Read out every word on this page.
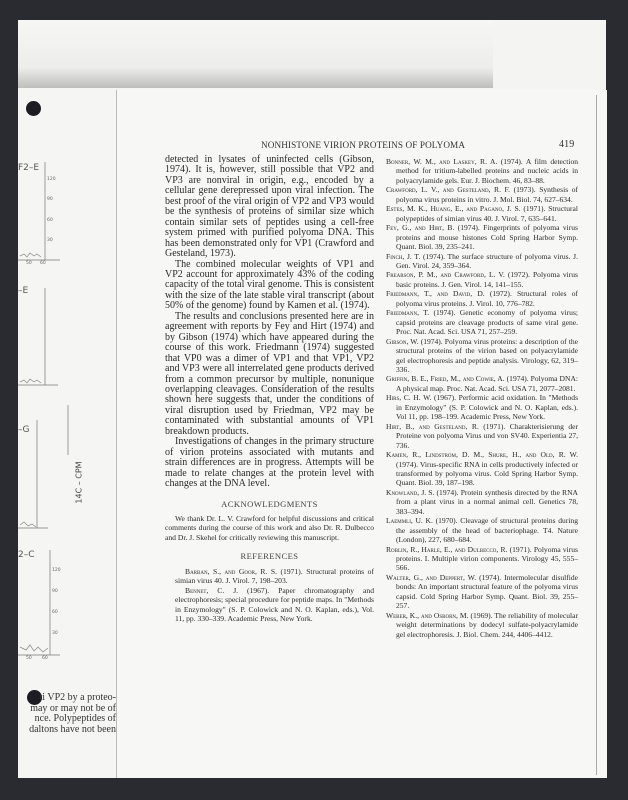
F2–E
–E
–G
2–C
120
90
60
30
50 60
120
90
60
30
50 60
14C – CPM
ti VP2 by a proteo-
may or may not be of
nce. Polypeptides of
daltons have not been
NONHISTONE VIRION PROTEINS OF POLYOMA	419

detected in lysates of uninfected cells (Gibson, 1974). It is, however, still possible that VP2 and VP3 are nonviral in origin, e.g., encoded by a cellular gene derepressed upon viral infection. The best proof of the viral origin of VP2 and VP3 would be the synthesis of proteins of similar size which contain similar sets of peptides using a cell-free system primed with purified polyoma DNA. This has been demonstrated only for VP1 (Crawford and Gesteland, 1973).

The combined molecular weights of VP1 and VP2 account for approximately 43% of the coding capacity of the total viral genome. This is consistent with the size of the late stable viral transcript (about 50% of the genome) found by Kamen et al. (1974).

The results and conclusions presented here are in agreement with reports by Fey and Hirt (1974) and by Gibson (1974) which have appeared during the course of this work. Friedmann (1974) suggested that VP0 was a dimer of VP1 and that VP1, VP2 and VP3 were all interrelated gene products derived from a common precursor by multiple, nonunique overlapping cleavages. Consideration of the results shown here suggests that, under the conditions of viral disruption used by Friedman, VP2 may be contaminated with substantial amounts of VP1 breakdown products.

Investigations of changes in the primary structure of virion proteins associated with mutants and strain differences are in progress. Attempts will be made to relate changes at the protein level with changes at the DNA level.

ACKNOWLEDGMENTS

We thank Dr. L. V. Crawford for helpful discussions and critical comments during the course of this work and also Dr. R. Dulbecco and Dr. J. Skehel for critically reviewing this manuscript.

REFERENCES

Barban, S., and Goor, R. S. (1971). Structural proteins of simian virus 40. J. Virol. 7, 198–203.

Bennet, C. J. (1967). Paper chromatography and electrophoresis; special procedure for peptide maps. In "Methods in Enzymology" (S. P. Colowick and N. O. Kaplan, eds.), Vol. 11, pp. 330–339. Academic Press, New York.

Bonner, W. M., and Laskey, R. A. (1974). A film detection method for tritium-labelled proteins and nucleic acids in polyacrylamide gels. Eur. J. Biochem. 46, 83–88.

Crawford, L. V., and Gesteland, R. F. (1973). Synthesis of polyoma virus proteins in vitro. J. Mol. Biol. 74, 627–634.

Estes, M. K., Huang, E., and Pagano, J. S. (1971). Structural polypeptides of simian virus 40. J. Virol. 7, 635–641.

Fey, G., and Hirt, B. (1974). Fingerprints of polyoma virus proteins and mouse histones Cold Spring Harbor Symp. Quant. Biol. 39, 235–241.

Finch, J. T. (1974). The surface structure of polyoma virus. J. Gen. Virol. 24, 359–364.

Frearson, P. M., and Crawford, L. V. (1972). Polyoma virus basic proteins. J. Gen. Virol. 14, 141–155.

Friedmann, T., and David, D. (1972). Structural roles of polyoma virus proteins. J. Virol. 10, 776–782.

Friedmann, T. (1974). Genetic economy of polyoma virus; capsid proteins are cleavage products of same viral gene. Proc. Nat. Acad. Sci. USA 71, 257–259.

Gibson, W. (1974). Polyoma virus proteins: a description of the structural proteins of the virion based on polyacrylamide gel electrophoresis and peptide analysis. Virology, 62, 319–336.

Griffin, B. E., Fried, M., and Cowie, A. (1974). Polyoma DNA: A physical map. Proc. Nat. Acad. Sci. USA 71, 2077–2081.

Hirs, C. H. W. (1967). Performic acid oxidation. In "Methods in Enzymology" (S. P. Colowick and N. O. Kaplan, eds.). Vol 11, pp. 198–199. Academic Press, New York.

Hirt, B., and Gesteland, R. (1971). Charakterisierung der Proteine von polyoma Virus und von SV40. Experientia 27, 736.

Kamen, R., Lindstrom, D. M., Shure, H., and Old, R. W. (1974). Virus-specific RNA in cells productively infected or transformed by polyoma virus. Cold Spring Harbor Symp. Quant. Biol. 39, 187–198.

Knowland, J. S. (1974). Protein synthesis directed by the RNA from a plant virus in a normal animal cell. Genetics 78, 383–394.

Laemmli, U. K. (1970). Cleavage of structural proteins during the assembly of the head of bacteriophage. T4. Nature (London), 227, 680–684.

Roblin, R., Harle, E., and Dulbecco, R. (1971). Polyoma virus proteins. I. Multiple virion components. Virology 45, 555–566.

Walter, G., and Deppert, W. (1974). Intermolecular disulfide bonds: An important structural feature of the polyoma virus capsid. Cold Spring Harbor Symp. Quant. Biol. 39, 255–257.

Weber, K., and Osborn, M. (1969). The reliability of molecular weight determinations by dodecyl sulfate-polyacrylamide gel electrophoresis. J. Biol. Chem. 244, 4406–4412.
